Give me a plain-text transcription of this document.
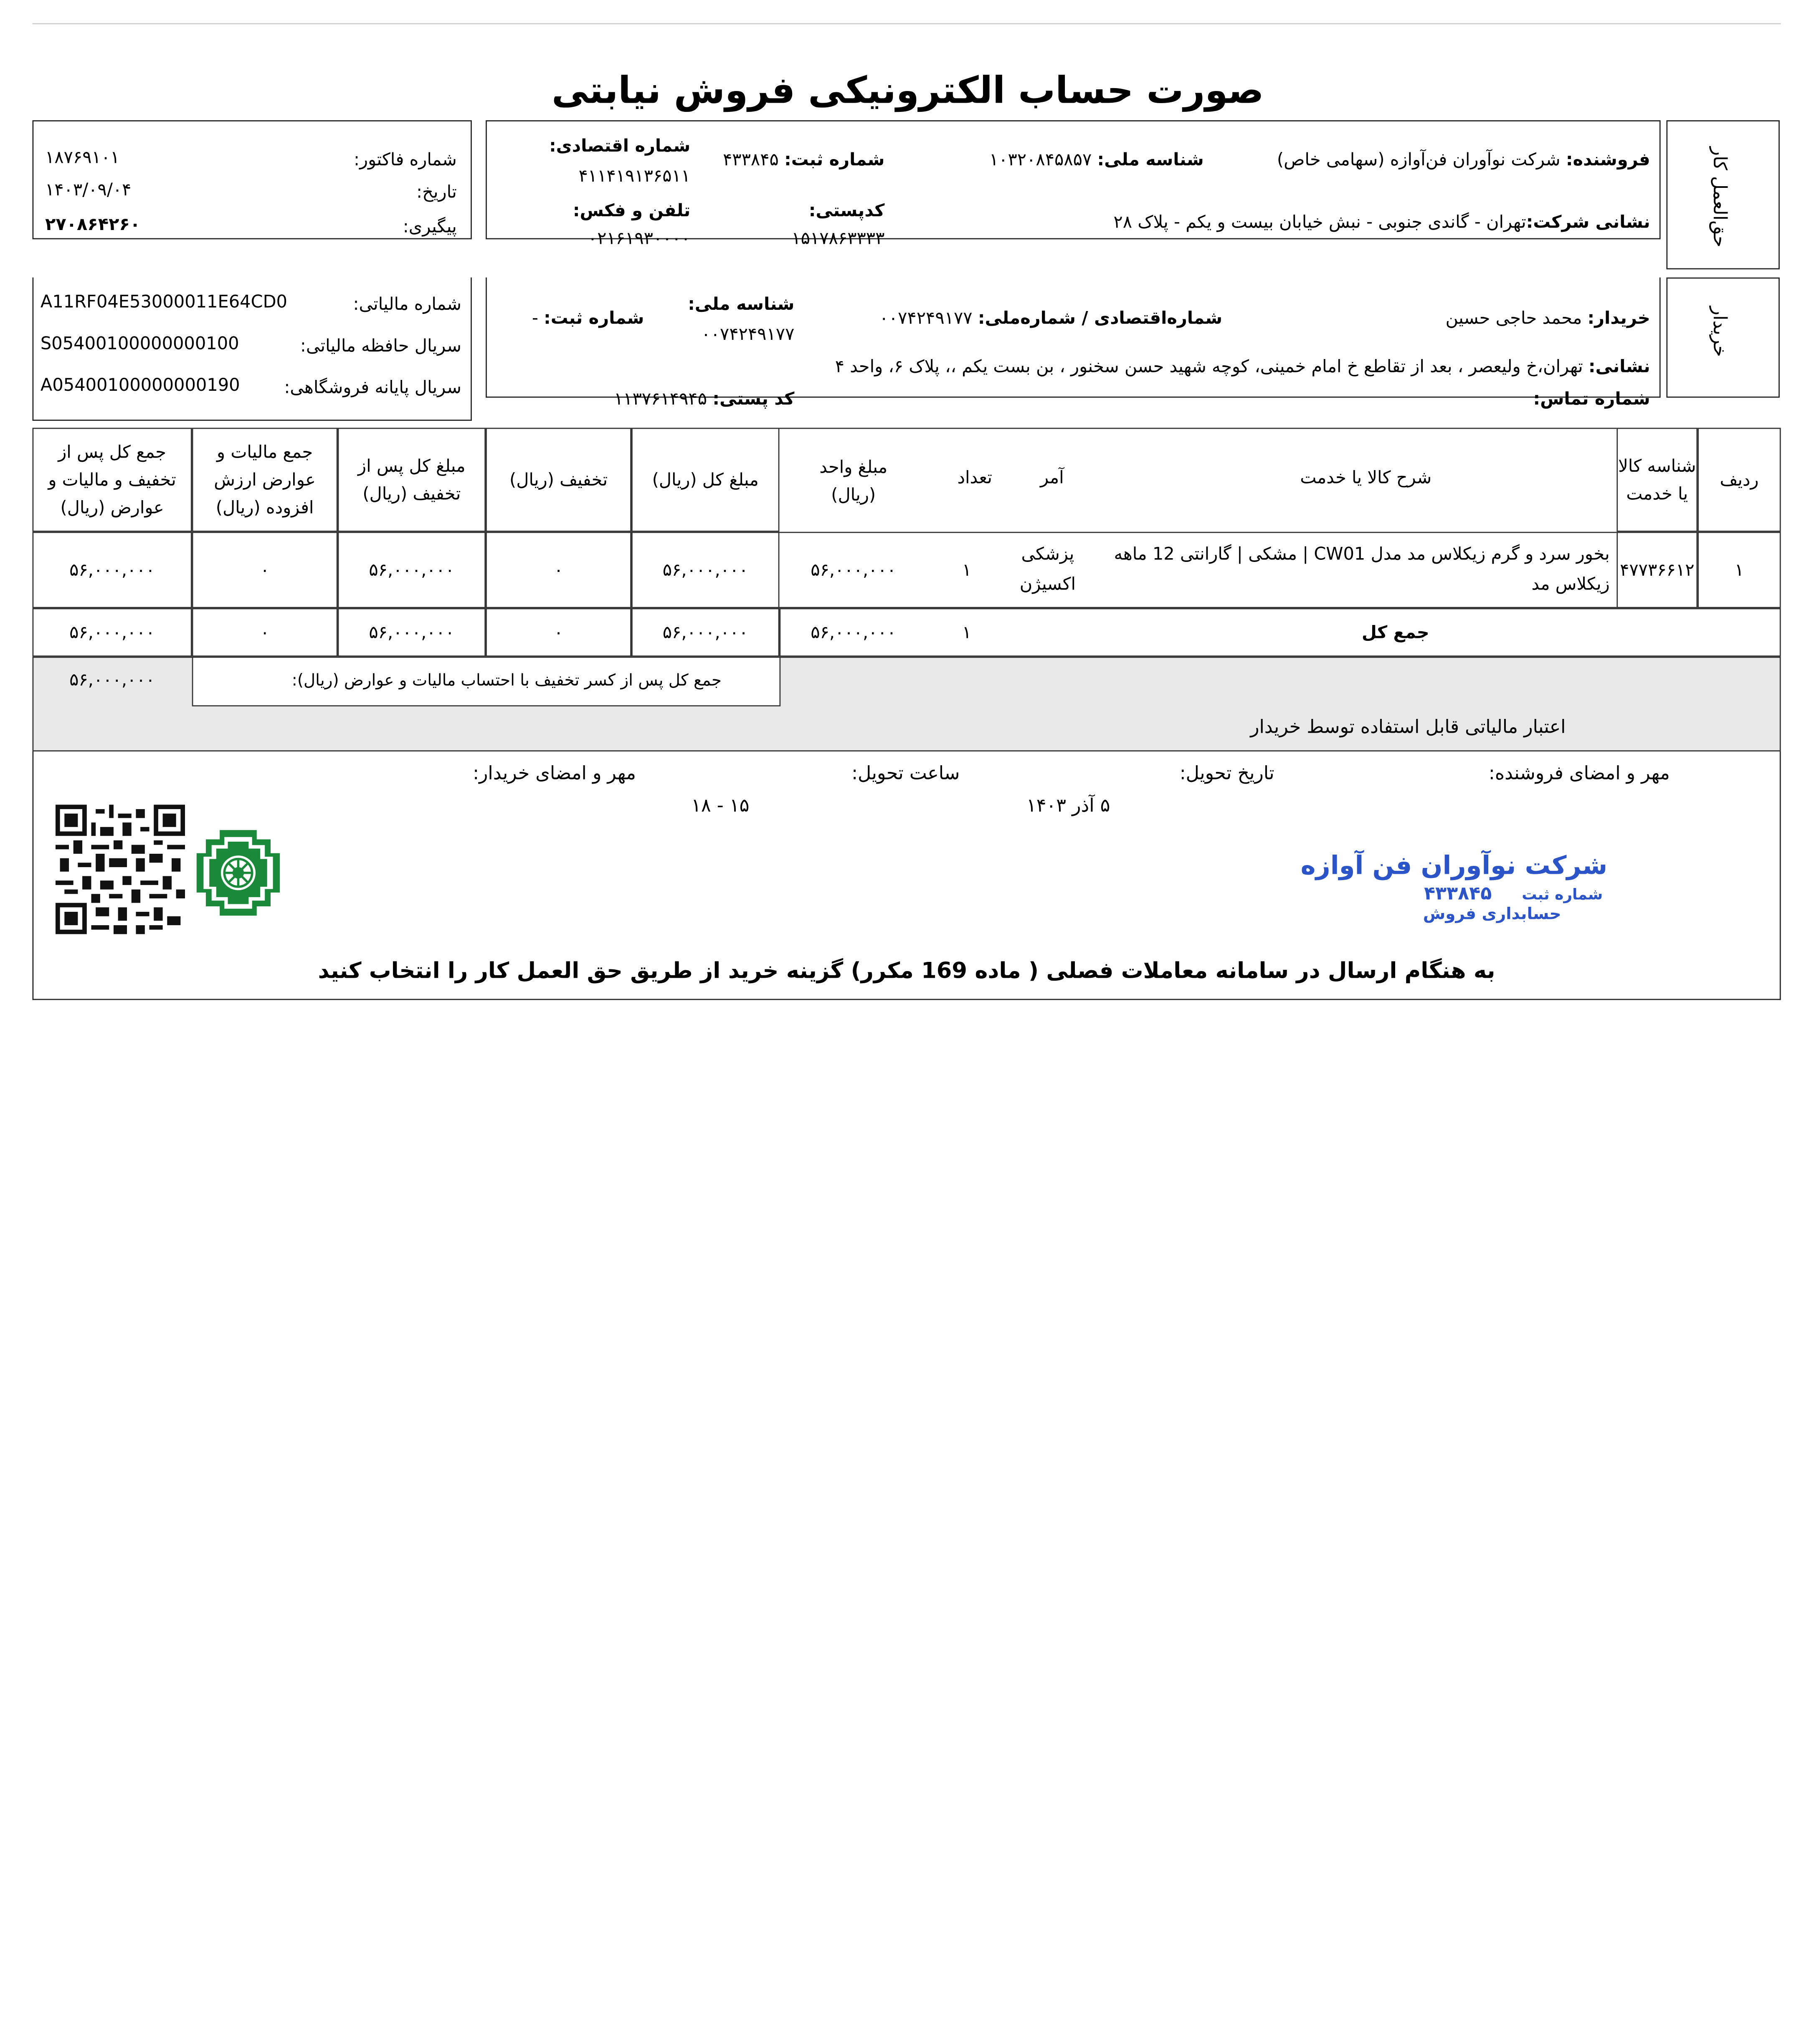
صورت حساب الکترونیکی فروش نیابتی
حق‌العمل کار
فروشنده: شرکت نوآوران فن‌آوازه (سهامی خاص)
شناسه ملی: ۱۰۳۲۰۸۴۵۸۵۷
شماره ثبت: ۴۳۳۸۴۵
شماره اقتصادی:
۴۱۱۴۱۹۱۳۶۵۱۱
نشانی شرکت:تهران - گاندی جنوبی - نبش خیابان بیست و یکم - پلاک ۲۸
کدپستی:
۱۵۱۷۸۶۳۳۳۳
تلفن و فکس:
۰۲۱۶۱۹۳۰۰۰۰
شماره فاکتور:
۱۸۷۶۹۱۰۱
تاریخ:
۱۴۰۳/۰۹/۰۴
پیگیری:
۲۷۰۸۶۴۲۶۰
خریدار
خریدار: محمد حاجی حسین
شماره‌اقتصادی / شماره‌ملی: ۰۰۷۴۲۴۹۱۷۷
شناسه ملی:
۰۰۷۴۲۴۹۱۷۷
شماره ثبت: -
نشانی: تهران،خ ولیعصر ، بعد از تقاطع خ امام خمینی، کوچه شهید حسن سخنور ، بن بست یکم ،، پلاک ۶، واحد ۴
شماره تماس:
کد پستی: ۱۱۳۷۶۱۴۹۴۵
شماره مالیاتی:
A11RF04E53000011E64CD0
سریال حافظه مالیاتی:
S05400100000000100
سریال پایانه فروشگاهی:
A05400100000000190
ردیف
شناسه کالا یا خدمت
شرح کالا یا خدمت
آمر
تعداد
مبلغ واحد (ریال)
مبلغ کل (ریال)
تخفیف (ریال)
مبلغ کل پس از تخفیف (ریال)
جمع مالیات و عوارض ارزش افزوده (ریال)
جمع کل پس از تخفیف و مالیات و عوارض (ریال)
۱
۴۷۷۳۶۶۱۲
بخور سرد و گرم زیکلاس مد مدل CW01 | مشکی | گارانتی 12 ماهه زیکلاس مد
پزشکی اکسیژن
۱
۵۶,۰۰۰,۰۰۰
۵۶,۰۰۰,۰۰۰
۰
۵۶,۰۰۰,۰۰۰
۰
۵۶,۰۰۰,۰۰۰
جمع کل
۱
۵۶,۰۰۰,۰۰۰
۵۶,۰۰۰,۰۰۰
۰
۵۶,۰۰۰,۰۰۰
۰
۵۶,۰۰۰,۰۰۰
جمع کل پس از کسر تخفیف با احتساب مالیات و عوارض (ریال):
۵۶,۰۰۰,۰۰۰
اعتبار مالیاتی قابل استفاده توسط خریدار
مهر و امضای فروشنده:
تاریخ تحویل:
۵ آذر ۱۴۰۳
ساعت تحویل:
۱۵ - ۱۸
مهر و امضای خریدار:
شرکت نوآوران فن آوازه
شماره ثبت
۴۳۳۸۴۵
حسابداری فروش
به هنگام ارسال در سامانه معاملات فصلی ( ماده 169 مکرر) گزینه خرید از طریق حق العمل کار را انتخاب کنید
